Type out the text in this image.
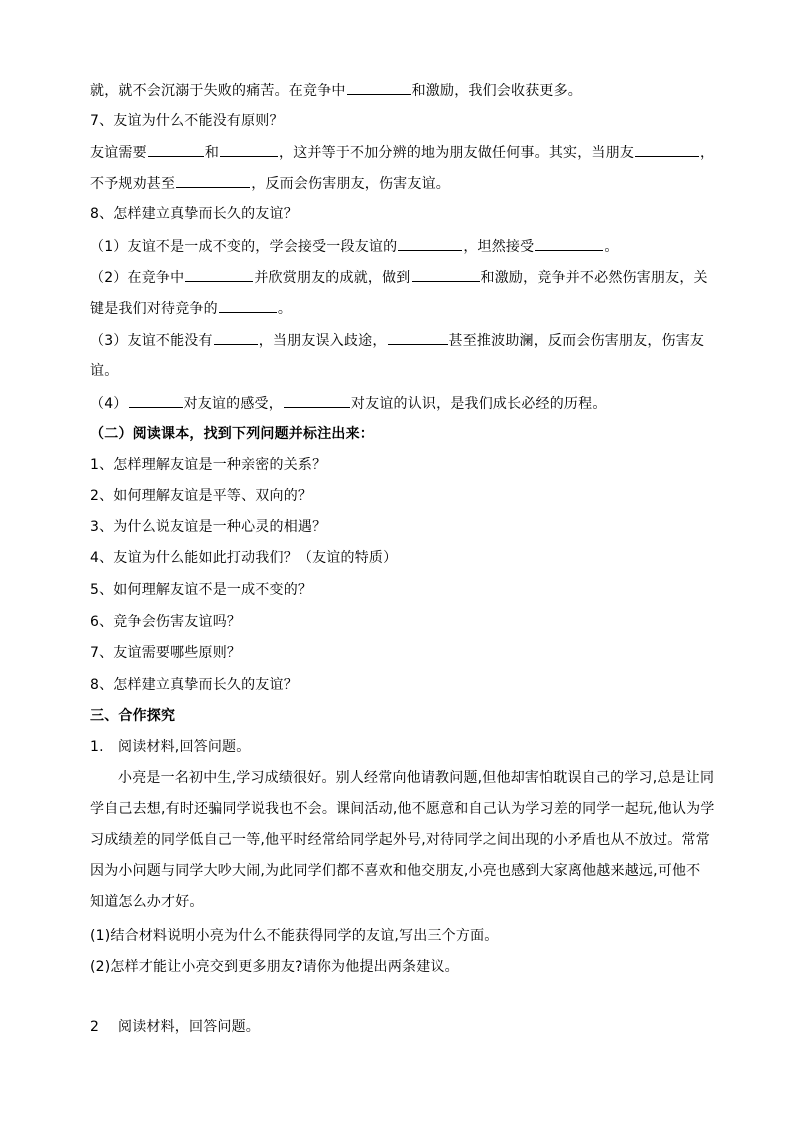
就，就不会沉溺于失败的痛苦。在竞争中	和激励，我们会收获更多。
7、友谊为什么不能没有原则？
友谊需要	和	，这并等于不加分辨的地为朋友做任何事。其实，当朋友	，
不予规劝甚至	，反而会伤害朋友，伤害友谊。
8、怎样建立真挚而长久的友谊？
（1）友谊不是一成不变的，学会接受一段友谊的	，坦然接受	。
（2）在竞争中	并欣赏朋友的成就，做到	和激励，竞争并不必然伤害朋友，关
键是我们对待竞争的	。
（3）友谊不能没有	，当朋友误入歧途，	甚至推波助澜，反而会伤害朋友，伤害友
谊。
（4）	对友谊的感受，	对友谊的认识，是我们成长必经的历程。
（二）阅读课本，找到下列问题并标注出来：
1、怎样理解友谊是一种亲密的关系？
2、如何理解友谊是平等、双向的？
3、为什么说友谊是一种心灵的相遇？
4、友谊为什么能如此打动我们？（友谊的特质）
5、如何理解友谊不是一成不变的？
6、竞争会伤害友谊吗？
7、友谊需要哪些原则？
8、怎样建立真挚而长久的友谊？
三、合作探究
1. 阅读材料,回答问题。
小亮是一名初中生,学习成绩很好。别人经常向他请教问题,但他却害怕耽误自己的学习,总是让同
学自己去想,有时还骗同学说我也不会。课间活动,他不愿意和自己认为学习差的同学一起玩,他认为学
习成绩差的同学低自己一等,他平时经常给同学起外号,对待同学之间出现的小矛盾也从不放过。常常
因为小问题与同学大吵大闹,为此同学们都不喜欢和他交朋友,小亮也感到大家离他越来越远,可他不
知道怎么办才好。
(1)结合材料说明小亮为什么不能获得同学的友谊,写出三个方面。
(2)怎样才能让小亮交到更多朋友?请你为他提出两条建议。
2 阅读材料，回答问题。
